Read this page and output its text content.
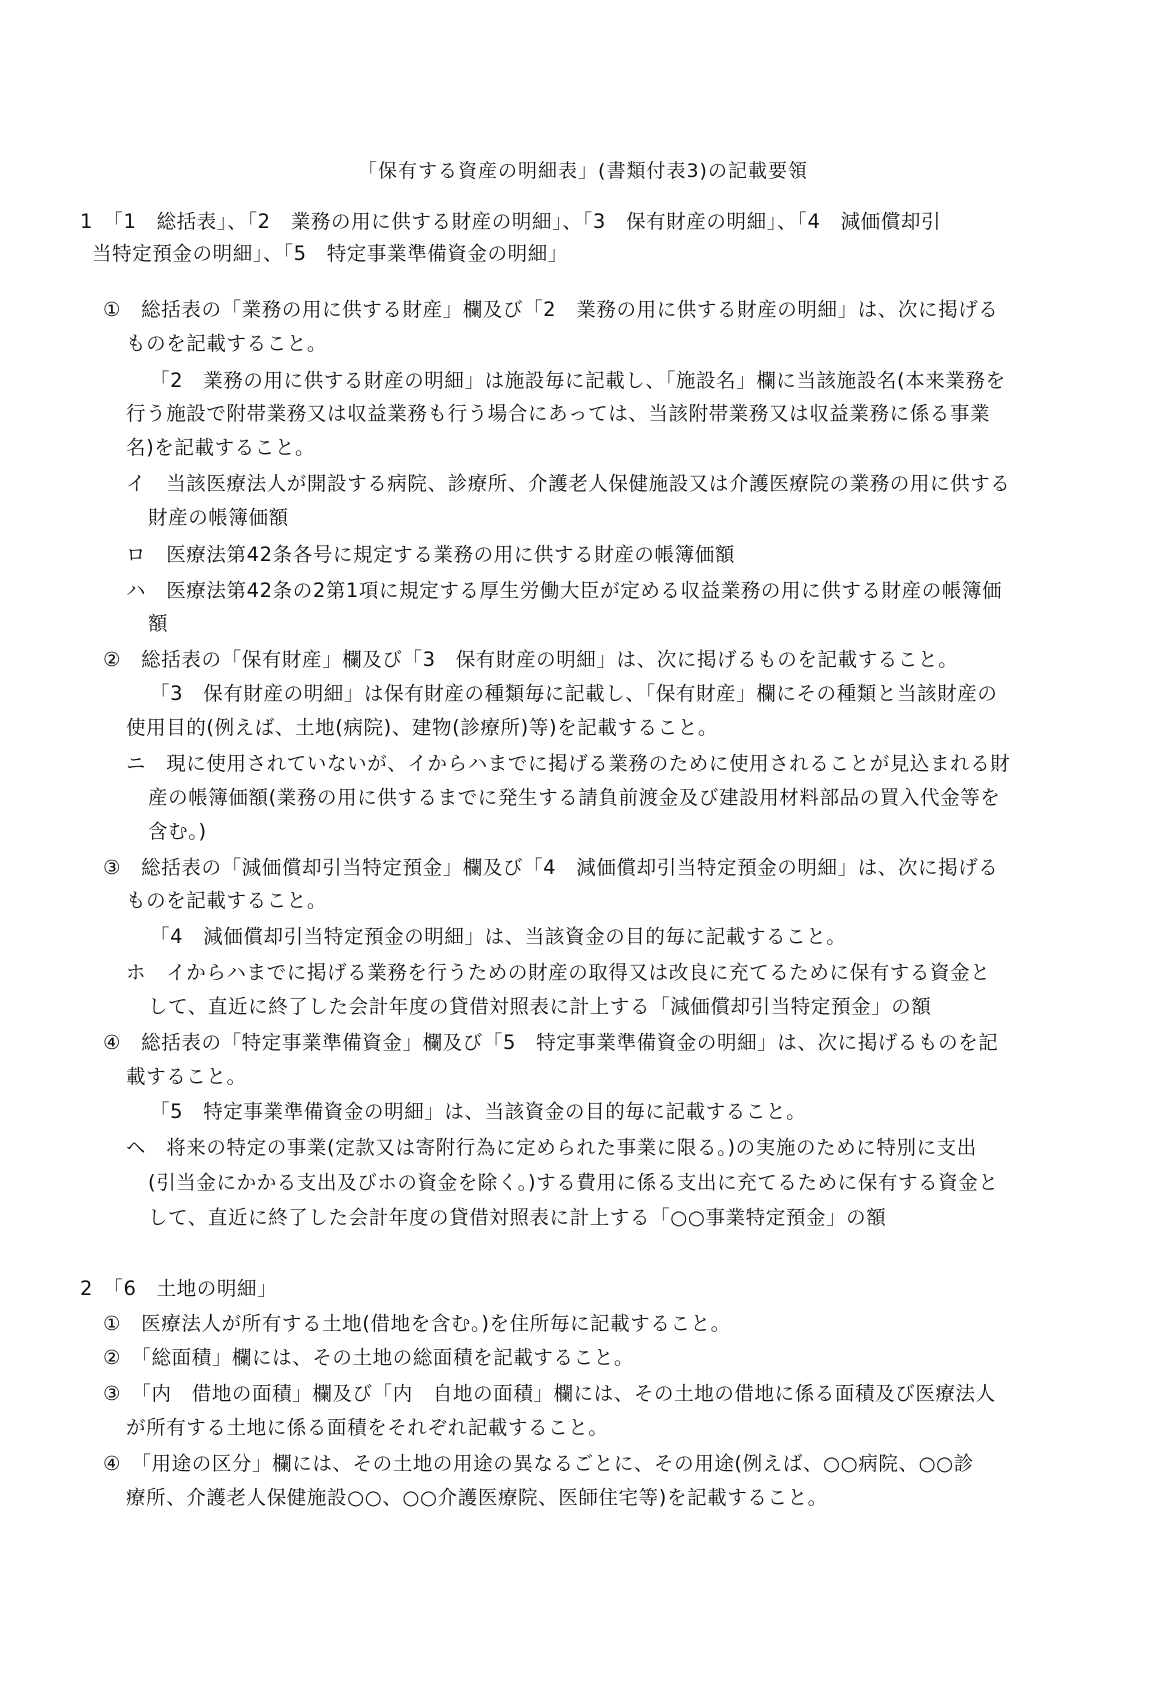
「保有する資産の明細表」(書類付表3)の記載要領
1　「1　総括表」、「2　業務の用に供する財産の明細」、「3　保有財産の明細」、「4　減価償却引
当特定預金の明細」、「5　特定事業準備資金の明細」
①　総括表の「業務の用に供する財産」欄及び「2　業務の用に供する財産の明細」は、次に掲げる
ものを記載すること。
「2　業務の用に供する財産の明細」は施設毎に記載し、「施設名」欄に当該施設名(本来業務を
行う施設で附帯業務又は収益業務も行う場合にあっては、当該附帯業務又は収益業務に係る事業
名)を記載すること。
イ　当該医療法人が開設する病院、診療所、介護老人保健施設又は介護医療院の業務の用に供する
財産の帳簿価額
ロ　医療法第42条各号に規定する業務の用に供する財産の帳簿価額
ハ　医療法第42条の2第1項に規定する厚生労働大臣が定める収益業務の用に供する財産の帳簿価
額
②　総括表の「保有財産」欄及び「3　保有財産の明細」は、次に掲げるものを記載すること。
「3　保有財産の明細」は保有財産の種類毎に記載し、「保有財産」欄にその種類と当該財産の
使用目的(例えば、土地(病院)、建物(診療所)等)を記載すること。
ニ　現に使用されていないが、イからハまでに掲げる業務のために使用されることが見込まれる財
産の帳簿価額(業務の用に供するまでに発生する請負前渡金及び建設用材料部品の買入代金等を
含む。)
③　総括表の「減価償却引当特定預金」欄及び「4　減価償却引当特定預金の明細」は、次に掲げる
ものを記載すること。
「4　減価償却引当特定預金の明細」は、当該資金の目的毎に記載すること。
ホ　イからハまでに掲げる業務を行うための財産の取得又は改良に充てるために保有する資金と
して、直近に終了した会計年度の貸借対照表に計上する「減価償却引当特定預金」の額
④　総括表の「特定事業準備資金」欄及び「5　特定事業準備資金の明細」は、次に掲げるものを記
載すること。
「5　特定事業準備資金の明細」は、当該資金の目的毎に記載すること。
ヘ　将来の特定の事業(定款又は寄附行為に定められた事業に限る。)の実施のために特別に支出
(引当金にかかる支出及びホの資金を除く。)する費用に係る支出に充てるために保有する資金と
して、直近に終了した会計年度の貸借対照表に計上する「○○事業特定預金」の額
2　「6　土地の明細」
①　医療法人が所有する土地(借地を含む。)を住所毎に記載すること。
②　「総面積」欄には、その土地の総面積を記載すること。
③　「内　借地の面積」欄及び「内　自地の面積」欄には、その土地の借地に係る面積及び医療法人
が所有する土地に係る面積をそれぞれ記載すること。
④　「用途の区分」欄には、その土地の用途の異なるごとに、その用途(例えば、○○病院、○○診
療所、介護老人保健施設○○、○○介護医療院、医師住宅等)を記載すること。
